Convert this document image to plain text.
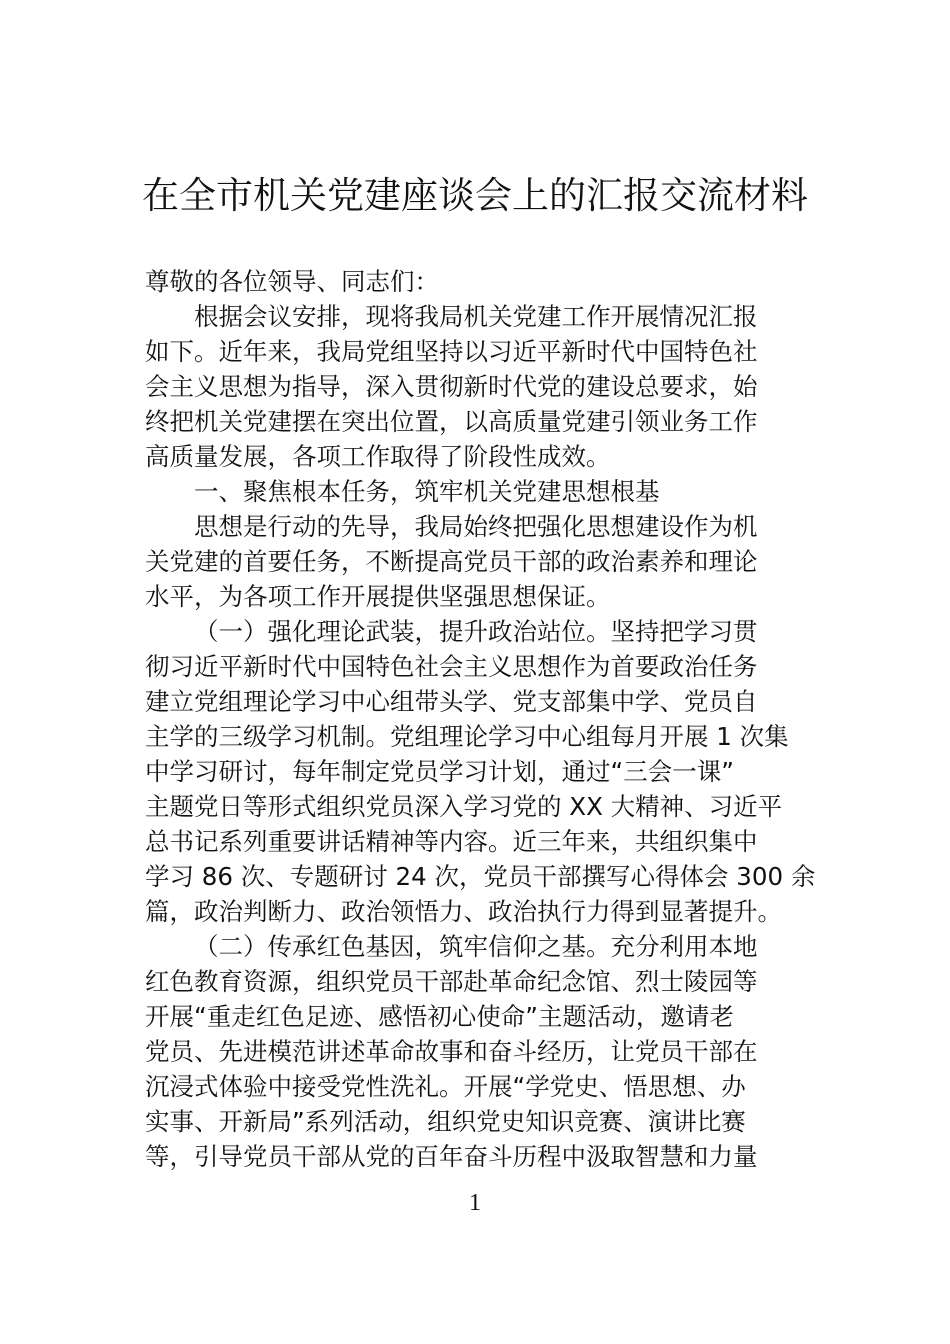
在全市机关党建座谈会上的汇报交流材料
尊敬的各位领导、同志们：
根据会议安排，现将我局机关党建工作开展情况汇报
如下。近年来，我局党组坚持以习近平新时代中国特色社
会主义思想为指导，深入贯彻新时代党的建设总要求，始
终把机关党建摆在突出位置，以高质量党建引领业务工作
高质量发展，各项工作取得了阶段性成效。
一、聚焦根本任务，筑牢机关党建思想根基
思想是行动的先导，我局始终把强化思想建设作为机
关党建的首要任务，不断提高党员干部的政治素养和理论
水平，为各项工作开展提供坚强思想保证。
（一）强化理论武装，提升政治站位。坚持把学习贯
彻习近平新时代中国特色社会主义思想作为首要政治任务
建立党组理论学习中心组带头学、党支部集中学、党员自
主学的三级学习机制。党组理论学习中心组每月开展 1 次集
中学习研讨，每年制定党员学习计划，通过“三会一课”
主题党日等形式组织党员深入学习党的 XX 大精神、习近平
总书记系列重要讲话精神等内容。近三年来，共组织集中
学习 86 次、专题研讨 24 次，党员干部撰写心得体会 300 余
篇，政治判断力、政治领悟力、政治执行力得到显著提升。
（二）传承红色基因，筑牢信仰之基。充分利用本地
红色教育资源，组织党员干部赴革命纪念馆、烈士陵园等
开展“重走红色足迹、感悟初心使命”主题活动，邀请老
党员、先进模范讲述革命故事和奋斗经历，让党员干部在
沉浸式体验中接受党性洗礼。开展“学党史、悟思想、办
实事、开新局”系列活动，组织党史知识竞赛、演讲比赛
等，引导党员干部从党的百年奋斗历程中汲取智慧和力量
1
